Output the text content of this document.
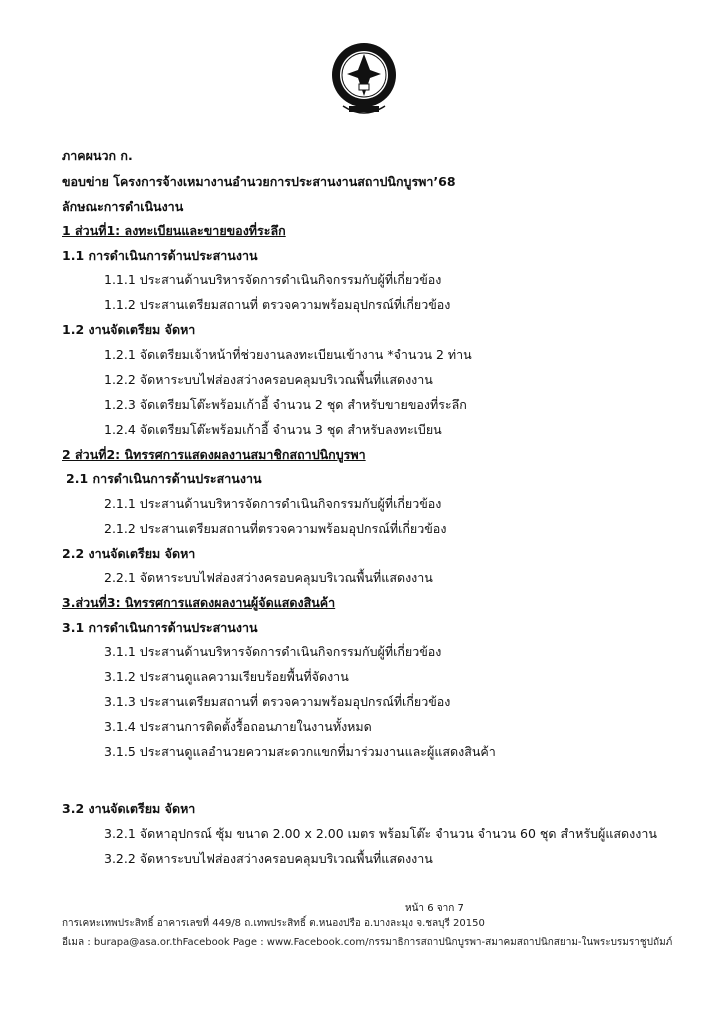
ภาคผนวก ก.
ขอบข่าย โครงการจ้างเหมางานอำนวยการประสานงานสถาปนิกบูรพา’68
ลักษณะการดำเนินงาน
1 ส่วนที่1: ลงทะเบียนและขายของที่ระลึก
1.1 การดำเนินการด้านประสานงาน
1.1.1 ประสานด้านบริหารจัดการดำเนินกิจกรรมกับผู้ที่เกี่ยวข้อง
1.1.2 ประสานเตรียมสถานที่ ตรวจความพร้อมอุปกรณ์ที่เกี่ยวข้อง
1.2 งานจัดเตรียม จัดหา
1.2.1 จัดเตรียมเจ้าหน้าที่ช่วยงานลงทะเบียนเข้างาน *จำนวน 2 ท่าน
1.2.2 จัดหาระบบไฟส่องสว่างครอบคลุมบริเวณพื้นที่แสดงงาน
1.2.3 จัดเตรียมโต๊ะพร้อมเก้าอี้ จำนวน 2 ชุด สำหรับขายของที่ระลึก
1.2.4 จัดเตรียมโต๊ะพร้อมเก้าอี้ จำนวน 3 ชุด สำหรับลงทะเบียน
2 ส่วนที่2: นิทรรศการแสดงผลงานสมาชิกสถาปนิกบูรพา
2.1 การดำเนินการด้านประสานงาน
2.1.1 ประสานด้านบริหารจัดการดำเนินกิจกรรมกับผู้ที่เกี่ยวข้อง
2.1.2 ประสานเตรียมสถานที่ตรวจความพร้อมอุปกรณ์ที่เกี่ยวข้อง
2.2 งานจัดเตรียม จัดหา
2.2.1 จัดหาระบบไฟส่องสว่างครอบคลุมบริเวณพื้นที่แสดงงาน
3.ส่วนที่3: นิทรรศการแสดงผลงานผู้จัดแสดงสินค้า
3.1 การดำเนินการด้านประสานงาน
3.1.1 ประสานด้านบริหารจัดการดำเนินกิจกรรมกับผู้ที่เกี่ยวข้อง
3.1.2 ประสานดูแลความเรียบร้อยพื้นที่จัดงาน
3.1.3 ประสานเตรียมสถานที่ ตรวจความพร้อมอุปกรณ์ที่เกี่ยวข้อง
3.1.4 ประสานการติดตั้งรื้อถอนภายในงานทั้งหมด
3.1.5 ประสานดูแลอำนวยความสะดวกแขกที่มาร่วมงานและผู้แสดงสินค้า
3.2 งานจัดเตรียม จัดหา
3.2.1 จัดหาอุปกรณ์ ซุ้ม ขนาด 2.00 x 2.00 เมตร พร้อมโต๊ะ จำนวน จำนวน 60 ชุด สำหรับผู้แสดงงาน
3.2.2 จัดหาระบบไฟส่องสว่างครอบคลุมบริเวณพื้นที่แสดงงาน
หน้า 6 จาก 7
การเคหะเทพประสิทธิ์ อาคารเลขที่ 449/8 ถ.เทพประสิทธิ์ ต.หนองปรือ อ.บางละมุง จ.ชลบุรี 20150
อีเมล : burapa@asa.or.thFacebook Page : www.Facebook.com/กรรมาธิการสถาปนิกบูรพา-สมาคมสถาปนิกสยาม-ในพระบรมราชูปถัมภ์
